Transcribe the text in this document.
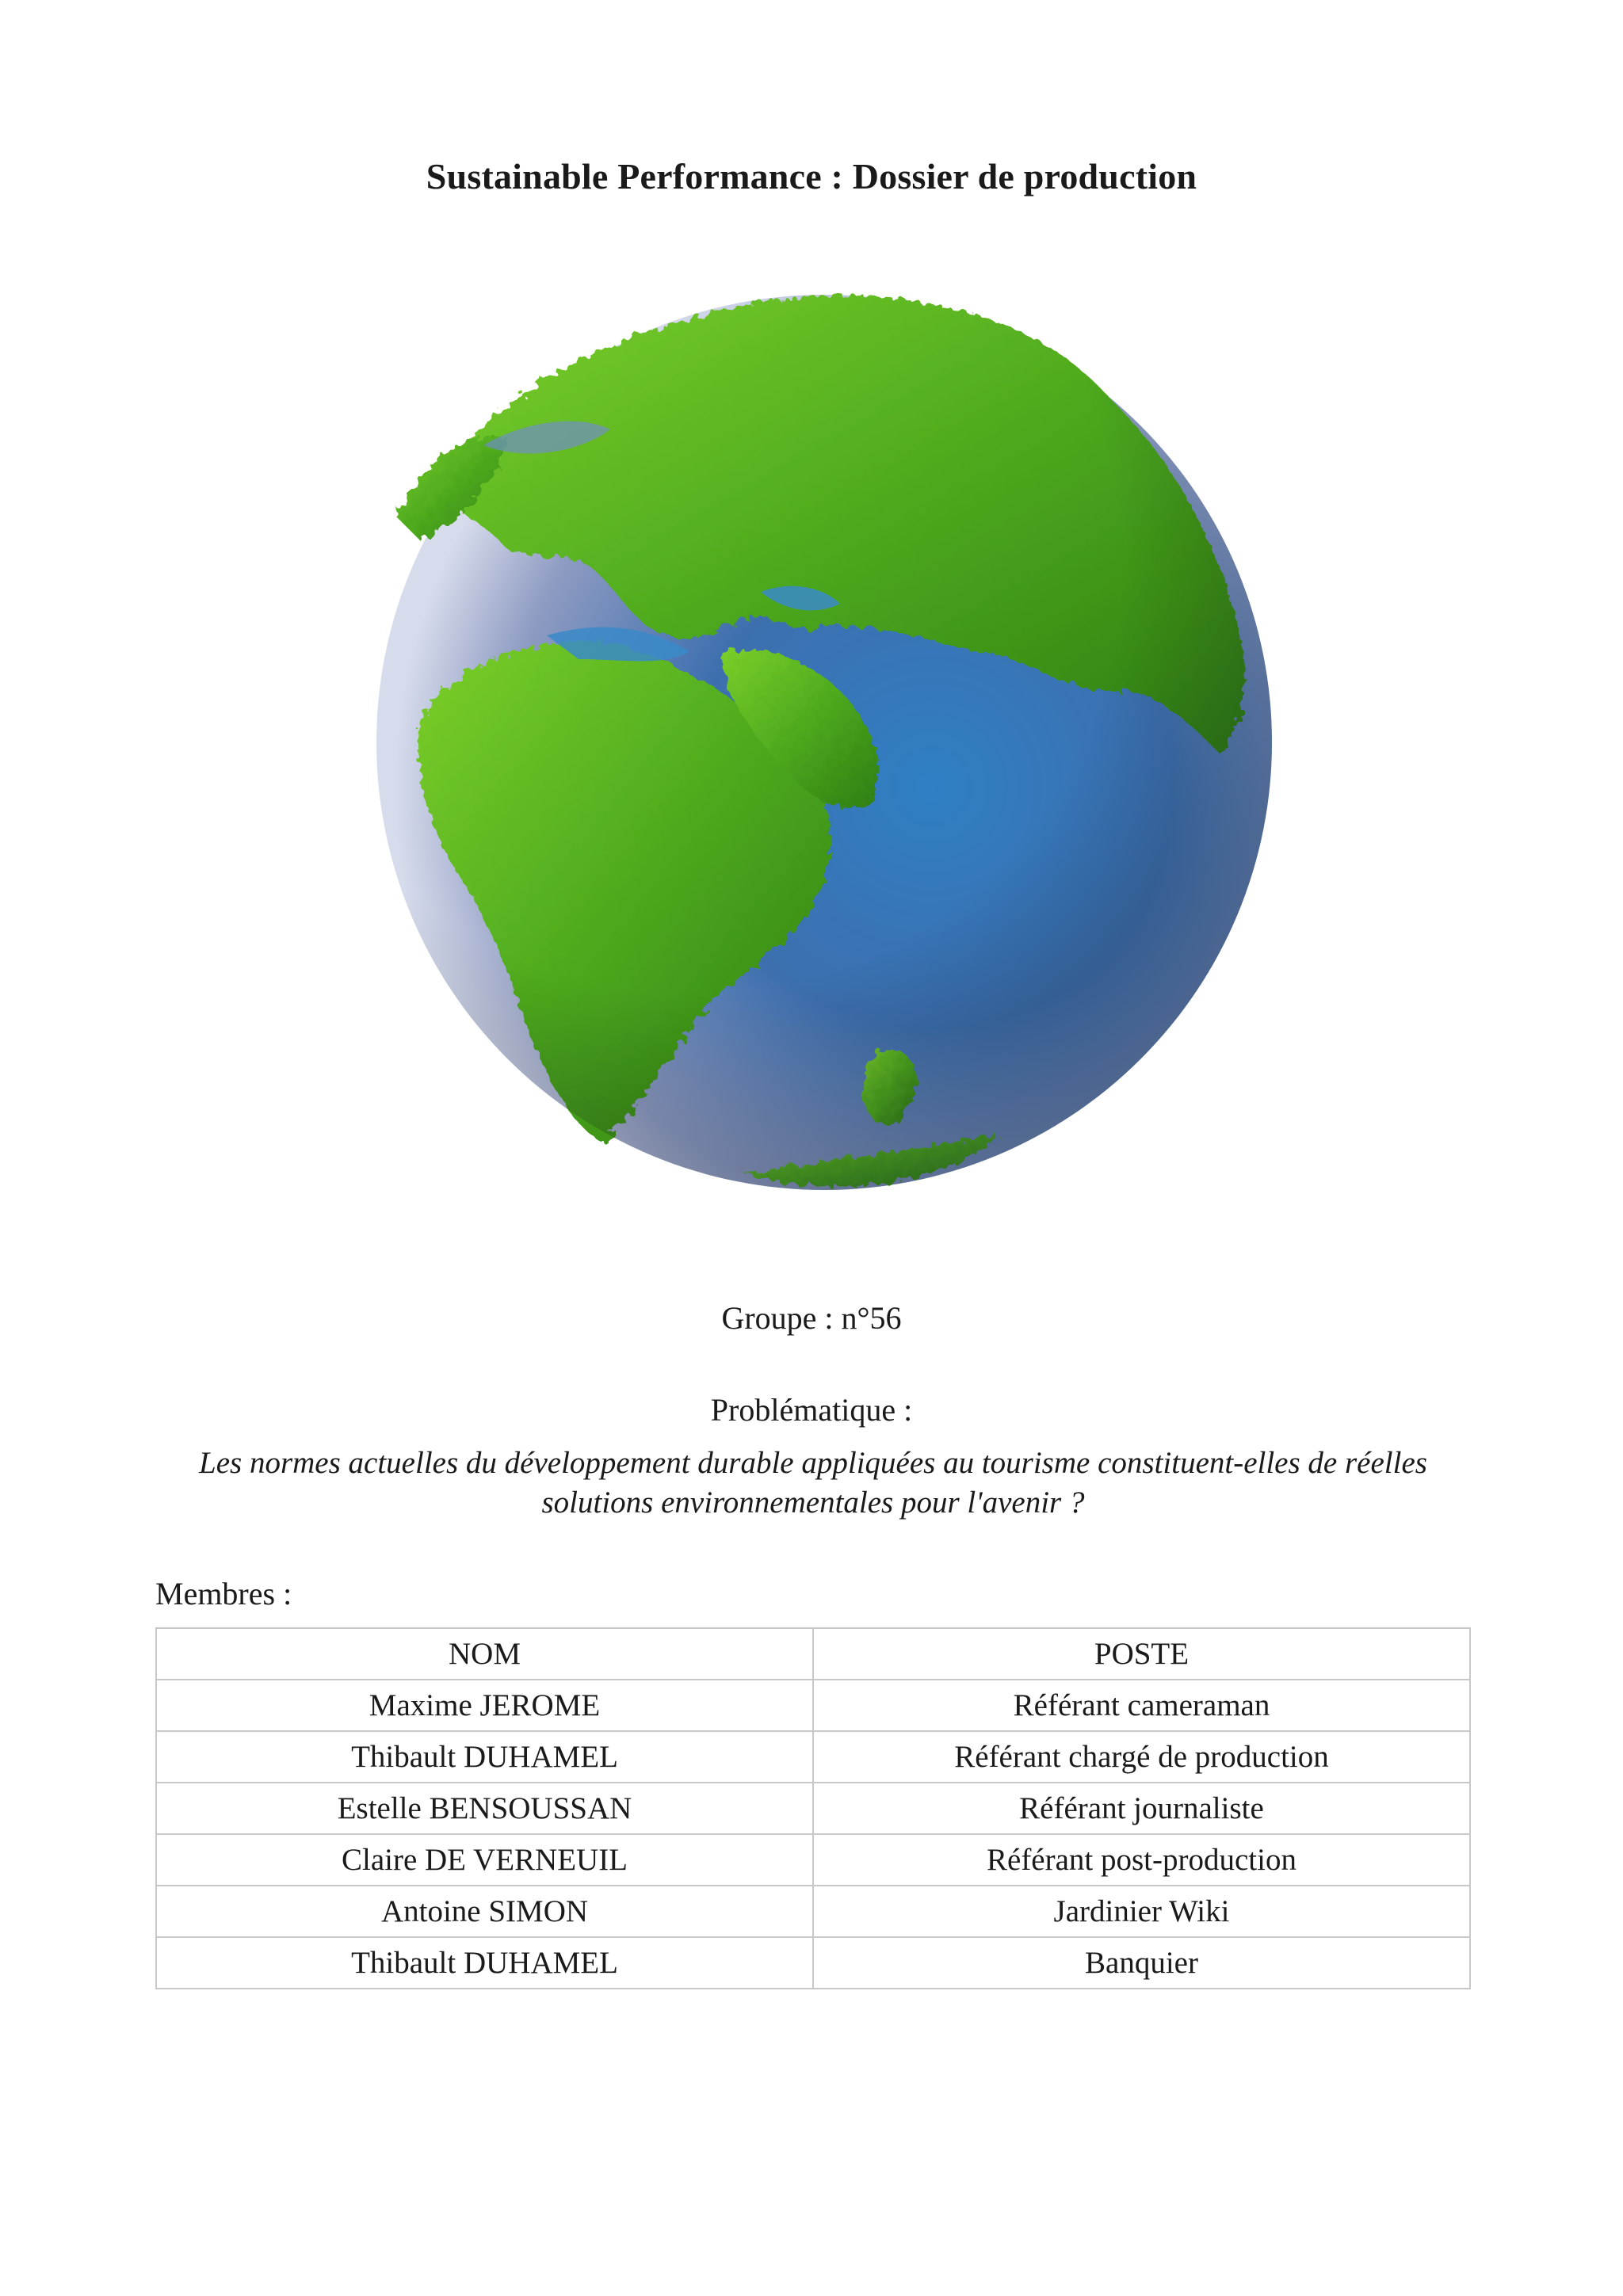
Sustainable Performance : Dossier de production
Groupe : n°56
Problématique :
Les normes actuelles du développement durable appliquées au tourisme constituent-elles de réelles solutions environnementales pour l'avenir ?
Membres :
NOM	POSTE
Maxime JEROME	Référant cameraman
Thibault DUHAMEL	Référant chargé de production
Estelle BENSOUSSAN	Référant journaliste
Claire DE VERNEUIL	Référant post-production
Antoine SIMON	Jardinier Wiki
Thibault DUHAMEL	Banquier
